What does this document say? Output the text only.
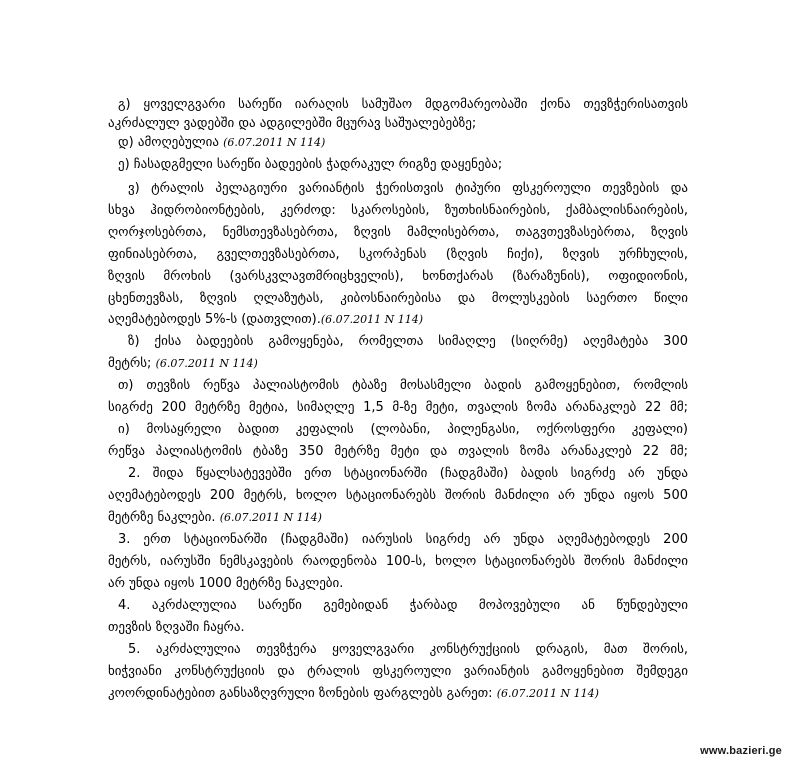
გ) ყოველგვარი სარეწი იარაღის სამუშაო მდგომარეობაში ქონა თევზჭერისათვის

აკრძალულ ვადებში და ადგილებში მცურავ საშუალებებზე;

დ) ამოღებულია (6.07.2011 N 114)

ე) ჩასადგმელი სარეწი ბადეების ჭადრაკულ რიგზე დაყენება;

ვ) ტრალის პელაგიური ვარიანტის ჭერისთვის ტიპური ფსკეროული თევზების და

სხვა ჰიდრობიონტების, კერძოდ: სკაროსების, ზუთხისნაირების, ქამბალისნაირების,

ღორჯოსებრთა, ნემსთევზასებრთა, ზღვის მამლისებრთა, თაგვთევზასებრთა, ზღვის

ფინიასებრთა, გველთევზასებრთა, სკორპენას (ზღვის ჩიქი), ზღვის ურჩხულის,

ზღვის მროხის (ვარსკვლავთმრიცხველის), ხონთქარას (ზარაზუნის), ოფიდიონის,

ცხენთევზას, ზღვის ღლაზუტას, კიბოსნაირებისა და მოლუსკების საერთო წილი

აღემატებოდეს 5%-ს (დათვლით).(6.07.2011 N 114)

ზ) ქისა ბადეების გამოყენება, რომელთა სიმაღლე (სიღრმე) აღემატება 300

მეტრს; (6.07.2011 N 114)

თ) თევზის რეწვა პალიასტომის ტბაზე მოსასმელი ბადის გამოყენებით, რომლის

სიგრძე 200 მეტრზე მეტია, სიმაღლე 1,5 მ-ზე მეტი, თვალის ზომა არანაკლებ 22 მმ;

ი) მოსაყრელი ბადით კეფალის (ლობანი, პილენგასი, ოქროსფერი კეფალი)

რეწვა პალიასტომის ტბაზე 350 მეტრზე მეტი და თვალის ზომა არანაკლებ 22 მმ;

2. შიდა წყალსატევებში ერთ სტაციონარში (ჩადგმაში) ბადის სიგრძე არ უნდა

აღემატებოდეს 200 მეტრს, ხოლო სტაციონარებს შორის მანძილი არ უნდა იყოს 500

მეტრზე ნაკლები. (6.07.2011 N 114)

3. ერთ სტაციონარში (ჩადგმაში) იარუსის სიგრძე არ უნდა აღემატებოდეს 200

მეტრს, იარუსში ნემსკავების რაოდენობა 100-ს, ხოლო სტაციონარებს შორის მანძილი

არ უნდა იყოს 1000 მეტრზე ნაკლები.

4. აკრძალულია სარეწი გემებიდან ჭარბად მოპოვებული ან წუნდებული

თევზის ზღვაში ჩაყრა.

5. აკრძალულია თევზჭერა ყოველგვარი კონსტრუქციის დრაგის, მათ შორის,

ხიჭვიანი კონსტრუქციის და ტრალის ფსკეროული ვარიანტის გამოყენებით შემდეგი

კოორდინატებით განსაზღვრული ზონების ფარგლებს გარეთ: (6.07.2011 N 114)

www.bazieri.ge
